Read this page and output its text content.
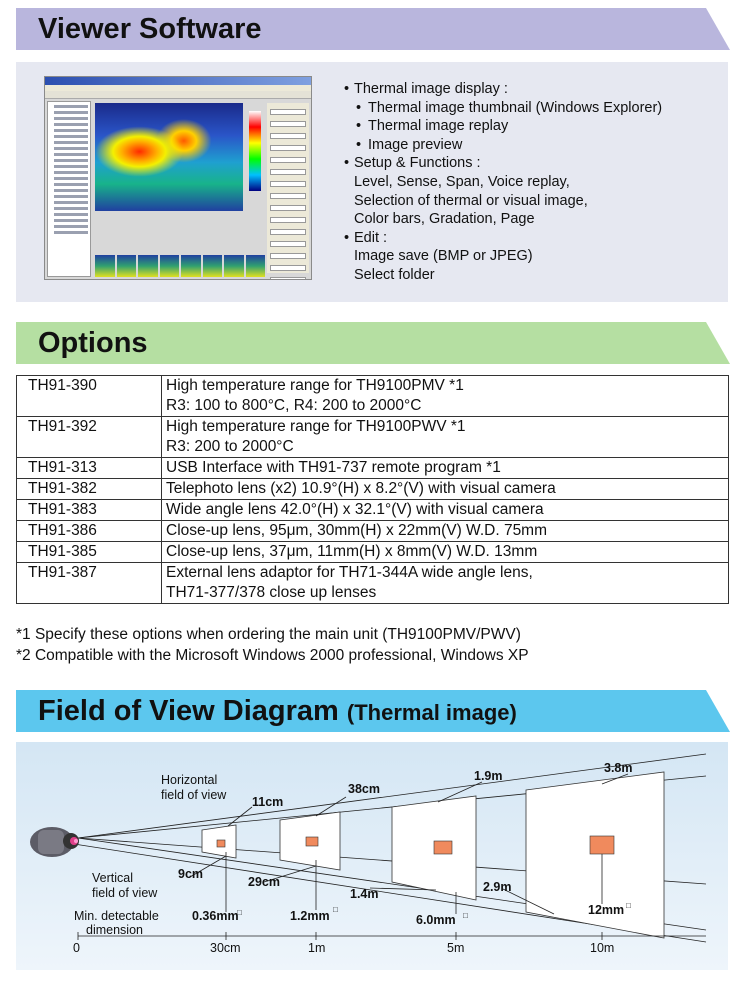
Viewer Software
• Thermal image display :
• Thermal image thumbnail (Windows Explorer)
• Thermal image replay
• Image preview
• Setup & Functions :
Level, Sense, Span, Voice replay,
Selection of thermal or visual image,
Color bars, Gradation, Page
• Edit :
Image save (BMP or JPEG)
Select folder
Options
TH91-390	High temperature range for TH9100PMV *1
R3: 100 to 800°C, R4: 200 to 2000°C

TH91-392	High temperature range for TH9100PWV *1
R3: 200 to 2000°C

TH91-313	USB Interface with TH91-737 remote program *1
TH91-382	Telephoto lens (x2) 10.9°(H) x 8.2°(V) with visual camera
TH91-383	Wide angle lens 42.0°(H) x 32.1°(V) with visual camera
TH91-386	Close-up lens, 95μm, 30mm(H) x 22mm(V) W.D. 75mm
TH91-385	Close-up lens, 37μm, 11mm(H) x 8mm(V) W.D. 13mm
TH91-387	External lens adaptor for TH71-344A wide angle lens,
TH71-377/378 close up lenses
*1 Specify these options when ordering the main unit (TH9100PMV/PWV)
*2 Compatible with the Microsoft Windows 2000 professional, Windows XP
Field of View Diagram (Thermal image)
Horizontal
field of view 11cm
38cm
1.9m
3.8m
9cm
29cm
1.4m	2.9m
Vertical
field of view
Min. detectable
dimension
0.36mm
□	1.2mm □
6.0mm □	12mm □
0	30cm	1m	5m	10m
